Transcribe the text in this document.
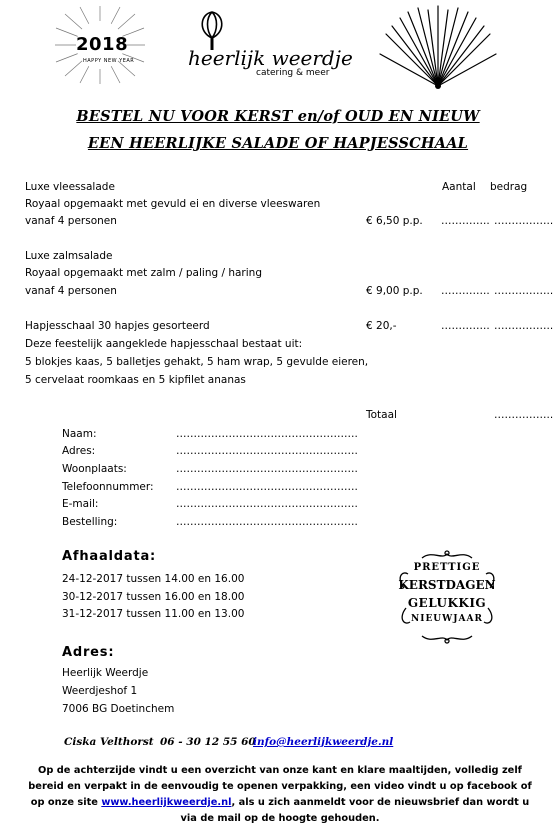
2018
HAPPY NEW YEAR	heerlijk weerdje
catering & meer
BESTEL NU VOOR KERST en/of OUD EN NIEUW
EEN HEERLIJKE SALADE OF HAPJESSCHAAL
Aantal bedrag
Luxe vleessalade
Royaal opgemaakt met gevuld ei en diverse vleeswaren
vanaf 4 personen	€ 6,50 p.p. ………….. ……………..
Luxe zalmsalade
Royaal opgemaakt met zalm / paling / haring
vanaf 4 personen	€ 9,00 p.p. ………….. ……………..
Hapjesschaal 30 hapjes gesorteerd	€ 20,-	………….. ……………..
Deze feestelijk aangeklede hapjesschaal bestaat uit:
5 blokjes kaas, 5 balletjes gehakt, 5 ham wrap, 5 gevulde eieren,
5 cervelaat roomkaas en 5 kipfilet ananas
Totaal	……………..
Naam:	…………………………………………….
Adres:	…………………………………………….
Woonplaats:	…………………………………………….
Telefoonnummer: …………………………………………….
E-mail:	…………………………………………….
Bestelling:	…………………………………………….
Afhaaldata:
24-12-2017 tussen 14.00 en 16.00
30-12-2017 tussen 16.00 en 18.00
31-12-2017 tussen 11.00 en 13.00
PRETTIGE
KERSTDAGEN
GELUKKIG
NIEUWJAAR
Adres:
Heerlijk Weerdje
Weerdjeshof 1
7006 BG Doetinchem
Ciska Velthorst 06 - 30 12 55 60
info@heerlijkweerdje.nl
Op de achterzijde vindt u een overzicht van onze kant en klare maaltijden, volledig zelf bereid en verpakt in de eenvoudig te openen verpakking, een video vindt u op facebook of op onze site www.heerlijkweerdje.nl, als u zich aanmeldt voor de nieuwsbrief dan wordt u via de mail op de hoogte gehouden.
